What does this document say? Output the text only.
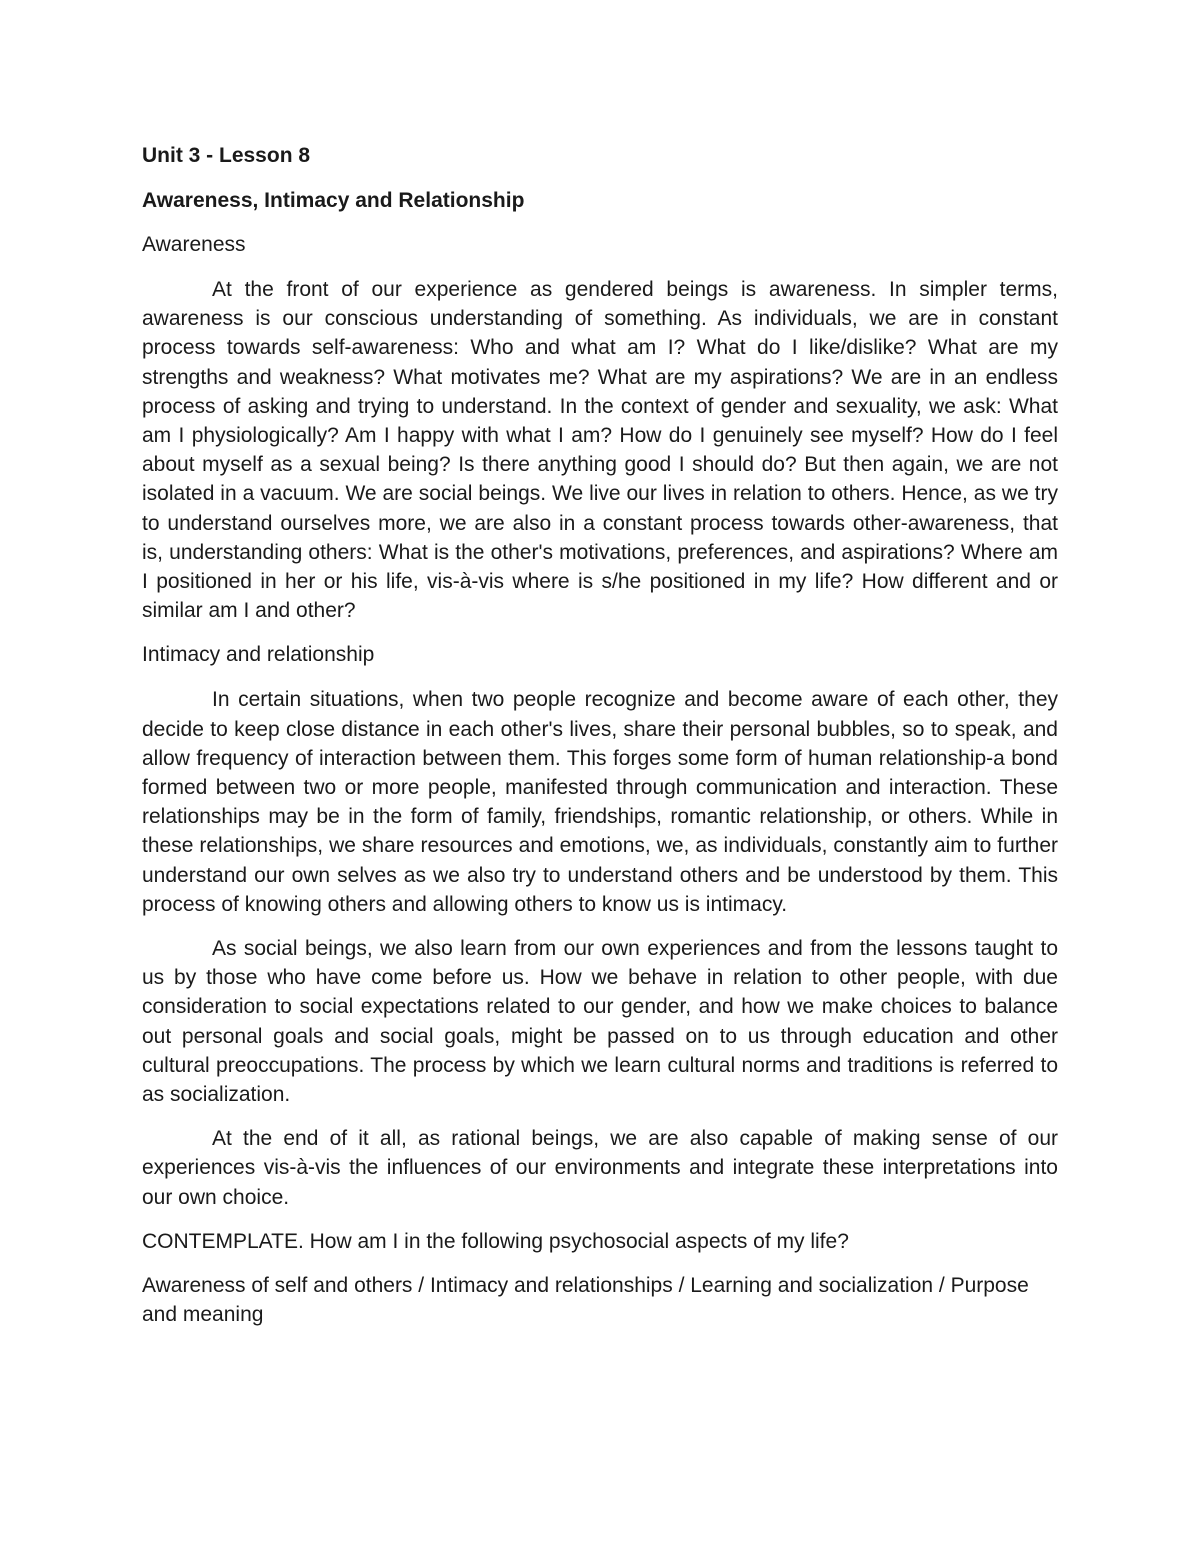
Unit 3 - Lesson 8
Awareness, Intimacy and Relationship
Awareness

At the front of our experience as gendered beings is awareness. In simpler terms, awareness is our conscious understanding of something. As individuals, we are in constant process towards self-awareness: Who and what am I? What do I like/dislike? What are my strengths and weakness? What motivates me? What are my aspirations? We are in an endless process of asking and trying to understand. In the context of gender and sexuality, we ask: What am I physiologically? Am I happy with what I am? How do I genuinely see myself? How do I feel about myself as a sexual being? Is there anything good I should do? But then again, we are not isolated in a vacuum. We are social beings. We live our lives in relation to others. Hence, as we try to understand ourselves more, we are also in a constant process towards other-awareness, that is, understanding others: What is the other's motivations, preferences, and aspirations? Where am I positioned in her or his life, vis-à-vis where is s/he positioned in my life? How different and or similar am I and other?

Intimacy and relationship

In certain situations, when two people recognize and become aware of each other, they decide to keep close distance in each other's lives, share their personal bubbles, so to speak, and allow frequency of interaction between them. This forges some form of human relationship-a bond formed between two or more people, manifested through communication and interaction. These relationships may be in the form of family, friendships, romantic relationship, or others. While in these relationships, we share resources and emotions, we, as individuals, constantly aim to further understand our own selves as we also try to understand others and be understood by them. This process of knowing others and allowing others to know us is intimacy.

As social beings, we also learn from our own experiences and from the lessons taught to us by those who have come before us. How we behave in relation to other people, with due consideration to social expectations related to our gender, and how we make choices to balance out personal goals and social goals, might be passed on to us through education and other cultural preoccupations. The process by which we learn cultural norms and traditions is referred to as socialization.

At the end of it all, as rational beings, we are also capable of making sense of our experiences vis-à-vis the influences of our environments and integrate these interpretations into our own choice.

CONTEMPLATE. How am I in the following psychosocial aspects of my life?

Awareness of self and others / Intimacy and relationships / Learning and socialization / Purpose and meaning
